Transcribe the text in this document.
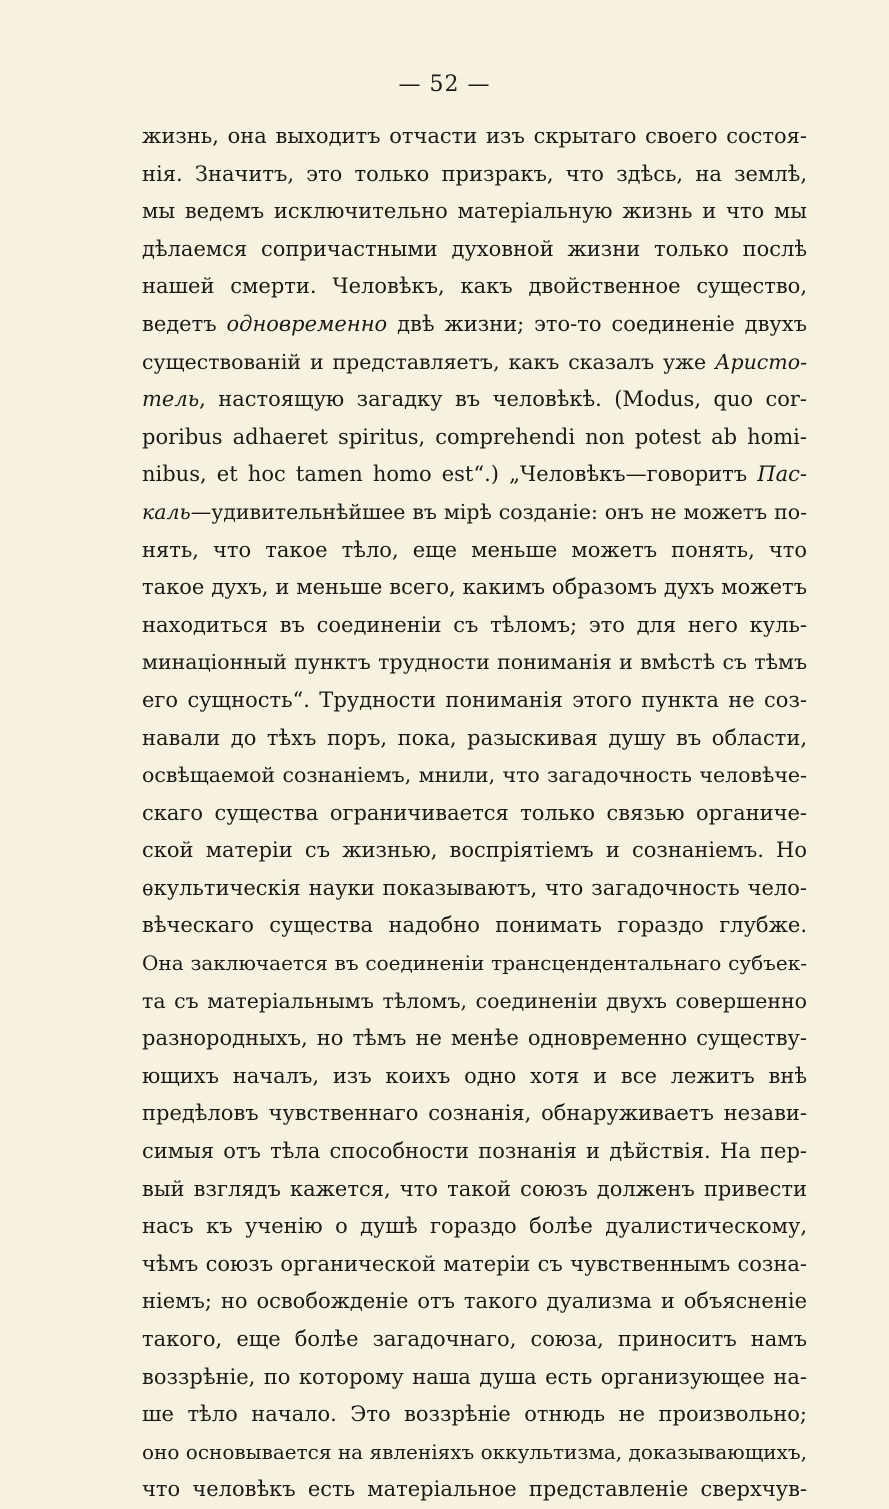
— 52 —
жизнь, она выходитъ отчасти изъ скрытаго своего состоя-
нія. Значитъ, это только призракъ, что здѣсь, на землѣ,
мы ведемъ исключительно матеріальную жизнь и что мы
дѣлаемся сопричастными духовной жизни только послѣ
нашей смерти. Человѣкъ, какъ двойственное существо,
ведетъ одновременно двѣ жизни; это-то соединеніе двухъ
существованій и представляетъ, какъ сказалъ уже Аристо-
тель, настоящую загадку въ человѣкѣ. (Modus, quo cor-
poribus adhaeret spiritus, comprehendi non potest ab homi-
nibus, et hoc tamen homo est“.) „Человѣкъ—говоритъ Пас-
каль—удивительнѣйшее въ мірѣ созданіе: онъ не можетъ по-
нять, что такое тѣло, еще меньше можетъ понять, что
такое духъ, и меньше всего, какимъ образомъ духъ можетъ
находиться въ соединеніи съ тѣломъ; это для него куль-
минаціонный пунктъ трудности пониманія и вмѣстѣ съ тѣмъ
его сущность“. Трудности пониманія этого пункта не соз-
навали до тѣхъ поръ, пока, разыскивая душу въ области,
освѣщаемой сознаніемъ, мнили, что загадочность человѣче-
скаго существа ограничивается только связью органиче-
ской матеріи съ жизнью, воспріятіемъ и сознаніемъ. Но
ѳкультическія науки показываютъ, что загадочность чело-
вѣческаго существа надобно понимать гораздо глубже.
Она заключается въ соединеніи трансцендентальнаго субъек-
та съ матеріальнымъ тѣломъ, соединеніи двухъ совершенно
разнородныхъ, но тѣмъ не менѣе одновременно существу-
ющихъ началъ, изъ коихъ одно хотя и все лежитъ внѣ
предѣловъ чувственнаго сознанія, обнаруживаетъ незави-
симыя отъ тѣла способности познанія и дѣйствія. На пер-
вый взглядъ кажется, что такой союзъ долженъ привести
насъ къ ученію о душѣ гораздо болѣе дуалистическому,
чѣмъ союзъ органической матеріи съ чувственнымъ созна-
ніемъ; но освобожденіе отъ такого дуализма и объясненіе
такого, еще болѣе загадочнаго, союза, приноситъ намъ
воззрѣніе, по которому наша душа есть организующее на-
ше тѣло начало. Это воззрѣніе отнюдь не произвольно;
оно основывается на явленіяхъ оккультизма, доказывающихъ,
что человѣкъ есть матеріальное представленіе сверхчув-
